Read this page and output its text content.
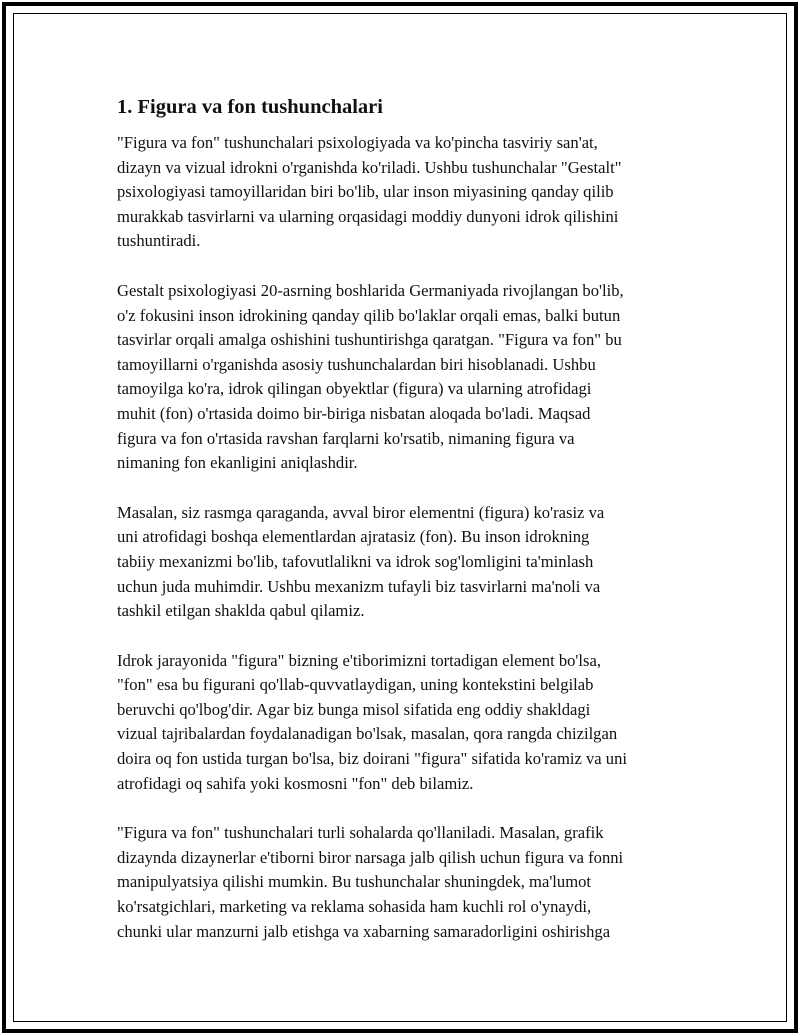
1. Figura va fon tushunchalari

"Figura va fon" tushunchalari psixologiyada va ko'pincha tasviriy san'at,
dizayn va vizual idrokni o'rganishda ko'riladi. Ushbu tushunchalar "Gestalt"
psixologiyasi tamoyillaridan biri bo'lib, ular inson miyasining qanday qilib
murakkab tasvirlarni va ularning orqasidagi moddiy dunyoni idrok qilishini
tushuntiradi.

Gestalt psixologiyasi 20-asrning boshlarida Germaniyada rivojlangan bo'lib,
o'z fokusini inson idrokining qanday qilib bo'laklar orqali emas, balki butun
tasvirlar orqali amalga oshishini tushuntirishga qaratgan. "Figura va fon" bu
tamoyillarni o'rganishda asosiy tushunchalardan biri hisoblanadi. Ushbu
tamoyilga ko'ra, idrok qilingan obyektlar (figura) va ularning atrofidagi
muhit (fon) o'rtasida doimo bir-biriga nisbatan aloqada bo'ladi. Maqsad
figura va fon o'rtasida ravshan farqlarni ko'rsatib, nimaning figura va
nimaning fon ekanligini aniqlashdir.

Masalan, siz rasmga qaraganda, avval biror elementni (figura) ko'rasiz va
uni atrofidagi boshqa elementlardan ajratasiz (fon). Bu inson idrokning
tabiiy mexanizmi bo'lib, tafovutlalikni va idrok sog'lomligini ta'minlash
uchun juda muhimdir. Ushbu mexanizm tufayli biz tasvirlarni ma'noli va
tashkil etilgan shaklda qabul qilamiz.

Idrok jarayonida "figura" bizning e'tiborimizni tortadigan element bo'lsa,
"fon" esa bu figurani qo'llab-quvvatlaydigan, uning kontekstini belgilab
beruvchi qo'lbog'dir. Agar biz bunga misol sifatida eng oddiy shakldagi
vizual tajribalardan foydalanadigan bo'lsak, masalan, qora rangda chizilgan
doira oq fon ustida turgan bo'lsa, biz doirani "figura" sifatida ko'ramiz va uni
atrofidagi oq sahifa yoki kosmosni "fon" deb bilamiz.

"Figura va fon" tushunchalari turli sohalarda qo'llaniladi. Masalan, grafik
dizaynda dizaynerlar e'tiborni biror narsaga jalb qilish uchun figura va fonni
manipulyatsiya qilishi mumkin. Bu tushunchalar shuningdek, ma'lumot
ko'rsatgichlari, marketing va reklama sohasida ham kuchli rol o'ynaydi,
chunki ular manzurni jalb etishga va xabarning samaradorligini oshirishga
